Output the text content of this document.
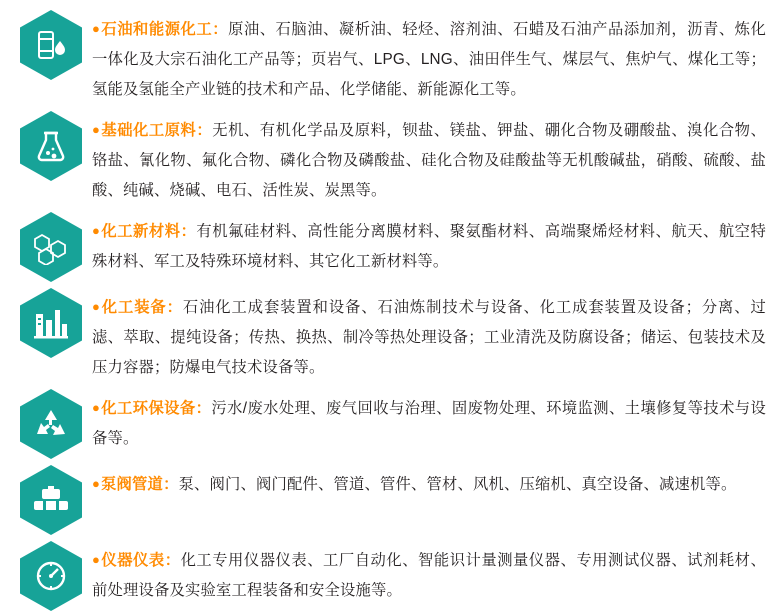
●石油和能源化工：原油、石脑油、凝析油、轻烃、溶剂油、石蜡及石油产品添加剂，沥青、炼化一体化及大宗石油化工产品等；页岩气、LPG、LNG、油田伴生气、煤层气、焦炉气、煤化工等；氢能及氢能全产业链的技术和产品、化学储能、新能源化工等。
●基础化工原料：无机、有机化学品及原料，钡盐、镁盐、钾盐、硼化合物及硼酸盐、溴化合物、铬盐、氰化物、氟化合物、磷化合物及磷酸盐、硅化合物及硅酸盐等无机酸碱盐，硝酸、硫酸、盐酸、纯碱、烧碱、电石、活性炭、炭黑等。
●化工新材料：有机氟硅材料、高性能分离膜材料、聚氨酯材料、高端聚烯烃材料、航天、航空特殊材料、军工及特殊环境材料、其它化工新材料等。
●化工装备：石油化工成套装置和设备、石油炼制技术与设备、化工成套装置及设备；分离、过滤、萃取、提纯设备；传热、换热、制冷等热处理设备；工业清洗及防腐设备；储运、包装技术及压力容器；防爆电气技术设备等。
●化工环保设备：污水/废水处理、废气回收与治理、固废物处理、环境监测、土壤修复等技术与设备等。
●泵阀管道：泵、阀门、阀门配件、管道、管件、管材、风机、压缩机、真空设备、减速机等。
●仪器仪表：化工专用仪器仪表、工厂自动化、智能识计量测量仪器、专用测试仪器、试剂耗材、前处理设备及实验室工程装备和安全设施等。
